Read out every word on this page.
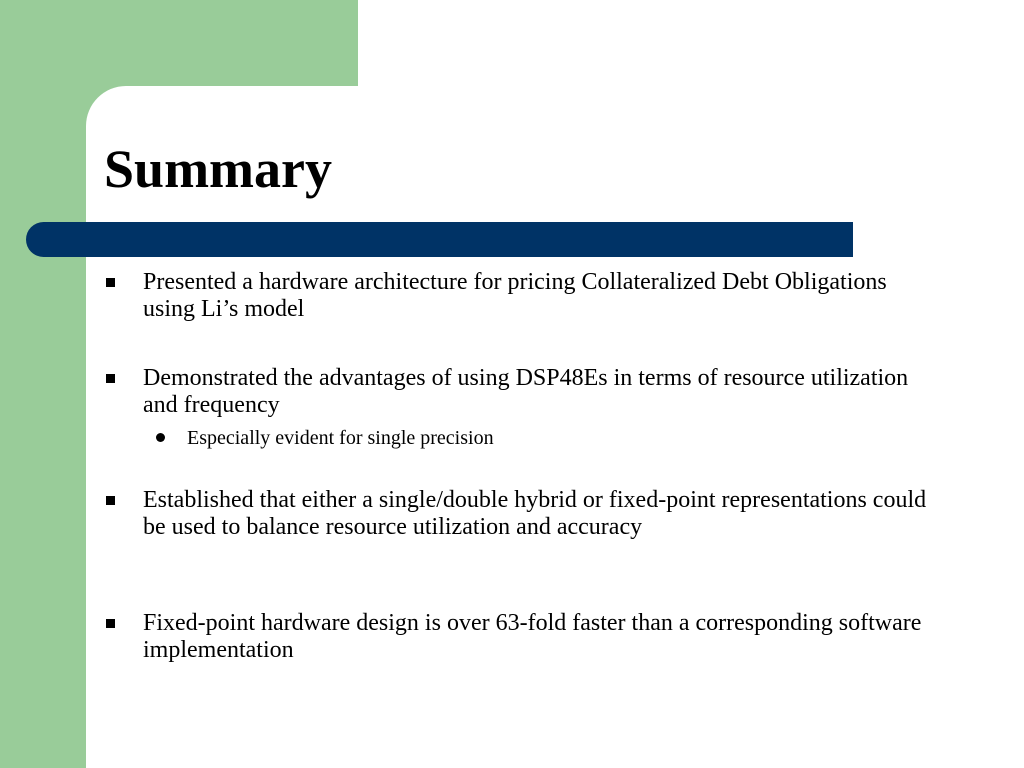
Summary

Presented a hardware architecture for pricing Collateralized Debt Obligations using Li’s model

Demonstrated the advantages of using DSP48Es in terms of resource utilization and frequency

Especially evident for single precision

Established that either a single/double hybrid or fixed-point representations could be used to balance resource utilization and accuracy

Fixed-point hardware design is over 63-fold faster than a corresponding software implementation
